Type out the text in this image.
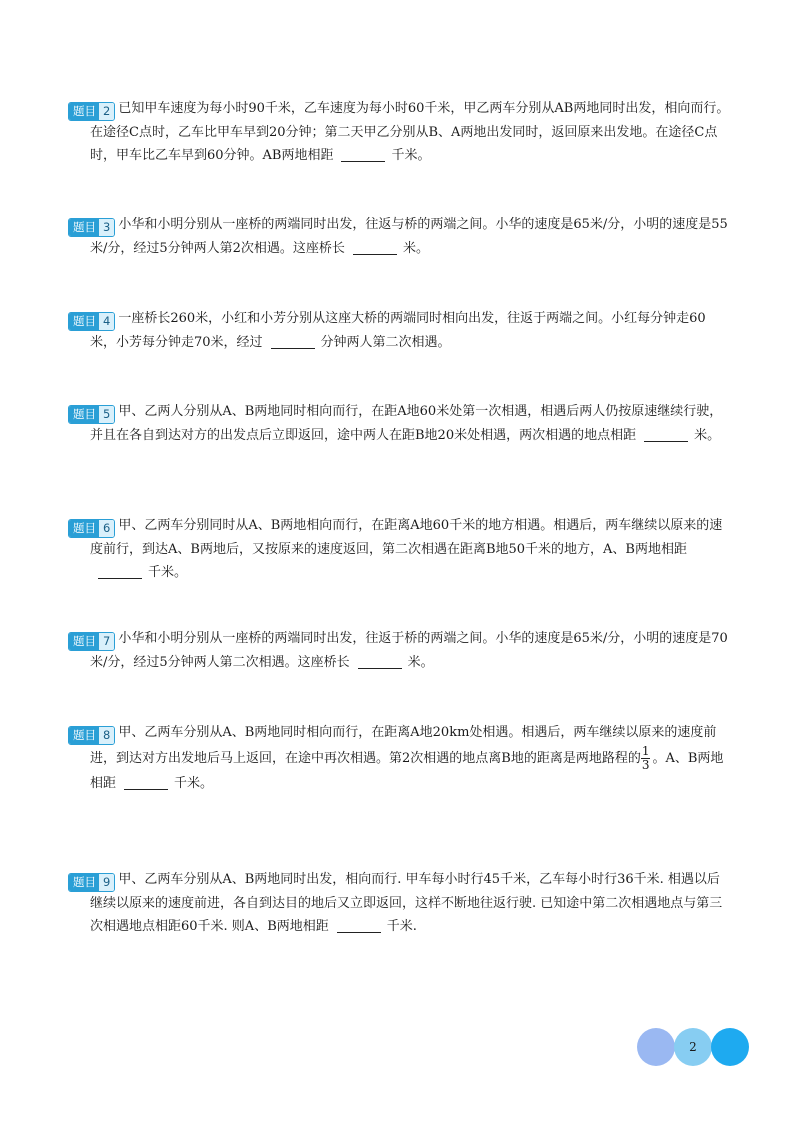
题目 2 已知甲车速度为每小时90千米，乙车速度为每小时60千米，甲乙两车分别从AB两地同时出发，相向而行。在途径C点时，乙车比甲车早到20分钟；第二天甲乙分别从B、A两地出发同时，返回原来出发地。在途径C点时，甲车比乙车早到60分钟。AB两地相距	千米。
题目 3 小华和小明分别从一座桥的两端同时出发，往返与桥的两端之间。小华的速度是65米/分，小明的速度是55米/分，经过5分钟两人第2次相遇。这座桥长	米。
题目 4 一座桥长260米，小红和小芳分别从这座大桥的两端同时相向出发，往返于两端之间。小红每分钟走60米，小芳每分钟走70米，经过	分钟两人第二次相遇。
题目 5 甲、乙两人分别从A、B两地同时相向而行，在距A地60米处第一次相遇，相遇后两人仍按原速继续行驶，并且在各自到达对方的出发点后立即返回，途中两人在距B地20米处相遇，两次相遇的地点相距	米。
题目 6 甲、乙两车分别同时从A、B两地相向而行，在距离A地60千米的地方相遇。相遇后，两车继续以原来的速度前行，到达A、B两地后，又按原来的速度返回，第二次相遇在距离B地50千米的地方，A、B两地相距千米。
题目 7 小华和小明分别从一座桥的两端同时出发，往返于桥的两端之间。小华的速度是65米/分，小明的速度是70米/分，经过5分钟两人第二次相遇。这座桥长	米。
题目 8 甲、乙两车分别从A、B两地同时相向而行，在距离A地20km处相遇。相遇后，两车继续以原来的速度前进，到达对方出发地后马上返回，在途中再次相遇。第2次相遇的地点离B地的距离是两地路程的 $\frac{1}{3}$ 。A、B两地相距	千米。
题目 9 甲、乙两车分别从A、B两地同时出发，相向而行. 甲车每小时行45千米，乙车每小时行36千米. 相遇以后继续以原来的速度前进，各自到达目的地后又立即返回，这样不断地往返行驶. 已知途中第二次相遇地点与第三次相遇地点相距60千米. 则A、B两地相距	千米.
2
